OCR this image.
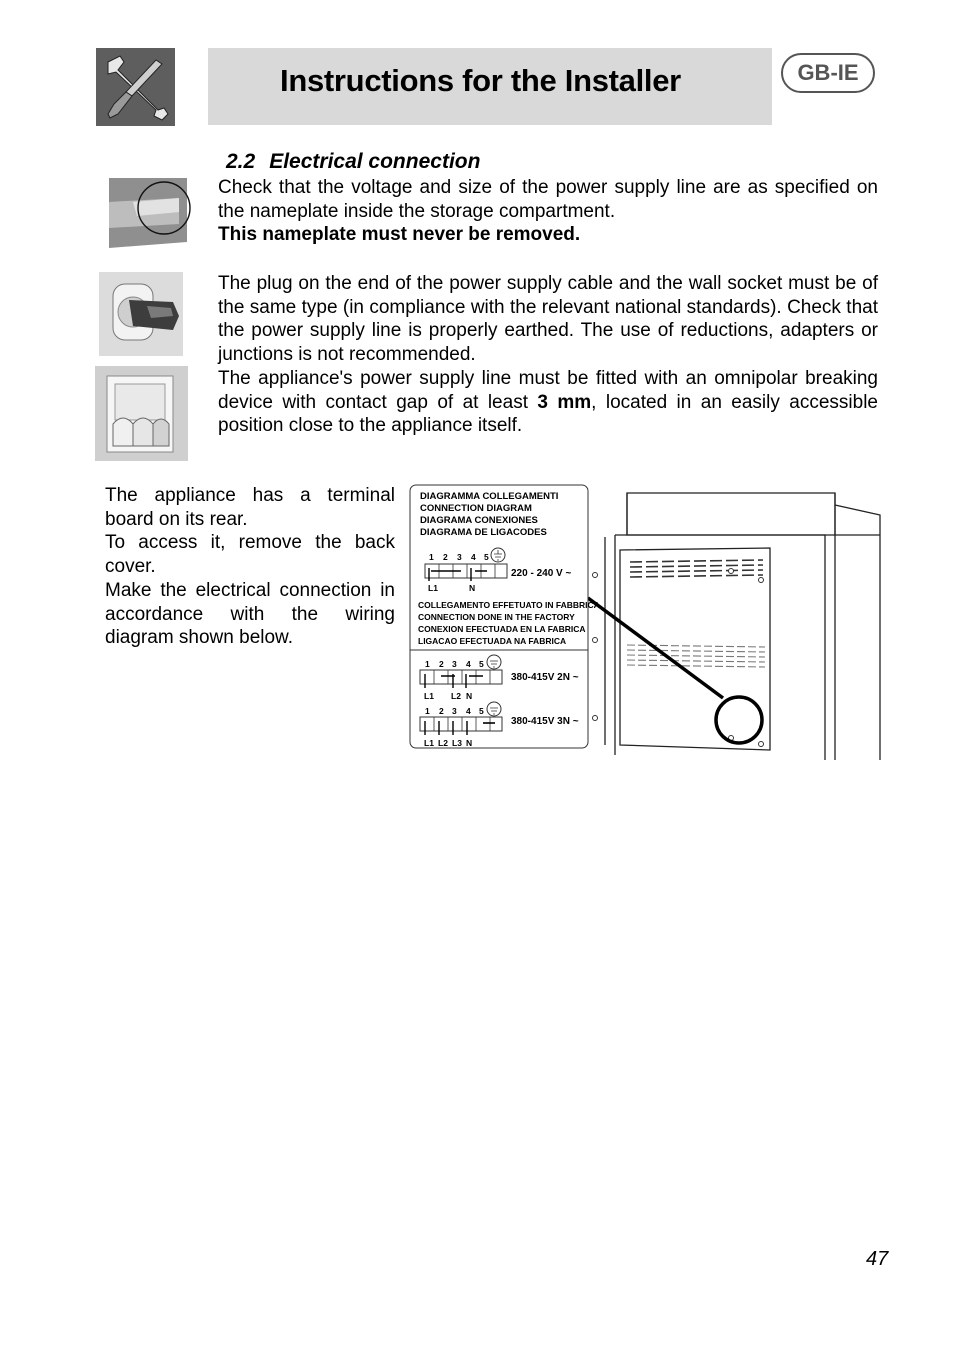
Instructions for the Installer	GB-IE
2.2 Electrical connection
Check that the voltage and size of the power supply line are as specified on the nameplate inside the storage compartment.
This nameplate must never be removed.
The plug on the end of the power supply cable and the wall socket must be of the same type (in compliance with the relevant national standards). Check that the power supply line is properly earthed. The use of reductions, adapters or junctions is not recommended.
The appliance's power supply line must be fitted with an omnipolar breaking device with contact gap of at least 3 mm, located in an easily accessible position close to the appliance itself.
The appliance has a terminal board on its rear.
To access it, remove the back cover.
Make the electrical connection in accordance with the wiring diagram shown below.
DIAGRAMMA COLLEGAMENTI
CONNECTION DIAGRAM
DIAGRAMA CONEXIONES
DIAGRAMA DE LIGACODES
1 2 3 4 5
L1	N
220 - 240 V ~
COLLEGAMENTO EFFETUATO IN FABBRICA
CONNECTION DONE IN THE FACTORY
CONEXION EFECTUADA EN LA FABRICA
LIGACAO EFECTUADA NA FABRICA
1 2 3 4 5
L1 L2 N
380-415V 2N ~
1 2 3 4 5
L1 L2 L3 N
380-415V 3N ~
47
